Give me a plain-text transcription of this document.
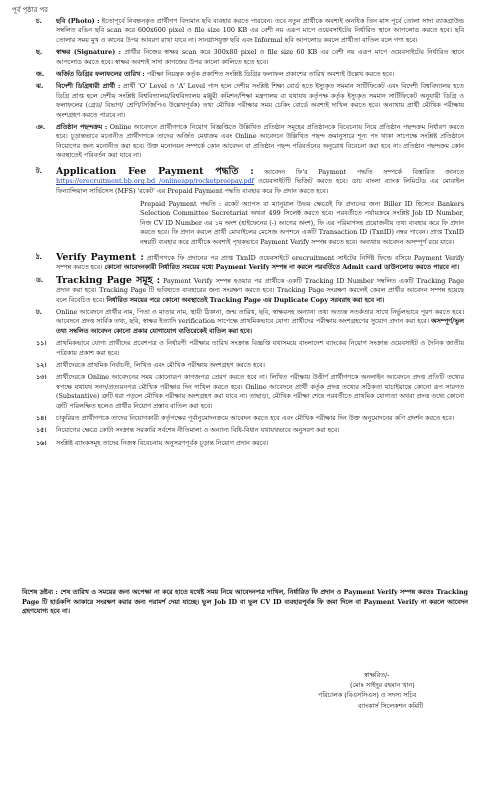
পূর্ব পৃষ্ঠার পর
চ.	ছবি (Photo) : ইতোপূর্বে নিবন্ধনকৃত প্রার্থীগণ বিদ্যমান ছবি ব্যবহার করতে পারবেন। তবে নতুন প্রার্থীকে অবশ্যই অনধিক তিন মাস পূর্বে তোলা সাদা ব্যাকগ্রাউন্ড সম্বলিত রঙিন ছবি scan করে 600x600 pixel ও file size 100 KB এর বেশী নয় এরূপ মাপে ওয়েবসাইটের নির্ধারিত স্থানে আপলোড করতে হবে। ছবি তোলার সময় মুখ ও কানের উপর আবরণ রাখা যাবে না। সানগ্লাসযুক্ত ছবি এবং Informal ছবি আপলোড করলে প্রার্থীতা বাতিল বলে গণ্য হবে।
ছ.	স্বাক্ষর (Signature) : প্রার্থীর নিজের স্বাক্ষর scan করে 300x80 pixel ও file size 60 KB এর বেশী নয় এরূপ মাপে ওয়েবসাইটের নির্ধারিত স্থানে আপলোড করতে হবে। স্বাক্ষর অবশ্যই সাদা কাগজের উপর কালো কালিতে হতে হবে।
জ.	অর্জিত ডিগ্রির ফলাফলের তারিখ : পরীক্ষা নিয়ন্ত্রক কর্তৃক প্রকাশিত সংশ্লিষ্ট ডিগ্রির ফলাফল প্রকাশের তারিখ অবশ্যই উল্লেখ করতে হবে।
ঝ.	বিদেশী ডিগ্রিধারী প্রার্থী : প্রার্থী 'O' Level ও 'A' Level পাস হলে দেশীয় সংশ্লিষ্ট শিক্ষা বোর্ড হতে ইস্যুকৃত সমমান সার্টিফিকেট এবং বিদেশী বিশ্ববিদ্যালয় হতে ডিগ্রি প্রাপ্ত হলে দেশীয় সংশ্লিষ্ট বিশ্ববিদ্যালয়/বিশ্ববিদ্যালয় মঞ্জুরী কমিশন/শিক্ষা মন্ত্রণালয় বা যথাযথ কর্তৃপক্ষ কর্তৃক ইস্যুকৃত সমমান সার্টিফিকেট অনুযায়ী ডিগ্রি ও ফলাফলের (গ্রেড/ বিভাগ/ শ্রেণি/সিজিপিএ উল্লেখপূর্বক) তথ্য মৌখিক পরীক্ষার সময় চেকিং বোর্ডে অবশ্যই দাখিল করতে হবে। অন্যথায় প্রার্থী মৌখিক পরীক্ষায় অংশগ্রহণ করতে পারবে না।
ঞ.	প্রতিষ্ঠান পছন্দক্রম : Online আবেদনে প্রার্থীগণকে নিয়োগ বিজ্ঞপ্তিতে উল্লিখিত প্রতিষ্ঠান সমূহের প্রতিষ্ঠানকে বিবেচনায় নিয়ে প্রতিষ্ঠান পছন্দক্রম নির্ধারণ করতে হবে। চূড়ান্তভাবে মনোনীত প্রার্থীগণকে তাদের অর্জিত মেধাক্রম এবং Online আবেদনে উল্লিখিত পছন্দ ক্রমানুসারে শূন্য পদ থাকা সাপেক্ষে সংশ্লিষ্ট প্রতিষ্ঠানে নিয়োগের জন্য মনোনীত করা হবে। উক্ত মনোনয়ন সম্পর্কে কোন আবেদন বা প্রতিষ্ঠান পছন্দ পরিবর্তনের অনুরোধ বিবেচনা করা হবে না। প্রতিষ্ঠান পছন্দক্রম কোন অবস্থাতেই পরিবর্তন করা যাবে না।
ট.	Application Fee Payment পদ্ধতি : আবেদন ফি'র Payment পদ্ধতি সম্পর্কে বিস্তারিত জানতে https://erecruitment.bb.org.bd /onlineapp/rocketpreepay.pdf ওয়েবসাইটটি ভিজিট করতে হবে। ডাচ বাংলা ব্যাংক লিমিটেড এর মোবাইল ফিন্যান্সিয়াল সার্ভিসেস (MFS) 'রকেট' এর Prepaid Payment পদ্ধতি ব্যবহার করে ফি প্রদান করতে হবে।
Prepaid Payment পদ্ধতি : রকেট অ্যাপস বা ম্যানুয়াল উভয় ক্ষেত্রেই ফি প্রদানের জন্য Biller ID হিসেবে Bankers Selection Committee Secretariat অথবা 499 সিলেক্ট করতে হবে। পরবর্তীতে পর্যায়ক্রমে সংশ্লিষ্ট Job ID Number, নিজ CV ID Number এর ১ম অংশ (হাইফেনের (-) আগের অংশ), ফি এর পরিমাণসহ প্রয়োজনীয় তথ্য ব্যবহার করে ফি প্রদান করতে হবে। ফি প্রদান করলে প্রার্থী মোবাইলের মেসেজ অপশনে একটি Transaction ID (TxnID) নম্বর পাবেন। প্রাপ্ত TxnID নম্বরটি ব্যবহার করে প্রার্থীকে অবশ্যই পৃথকভাবে Payment Verify সম্পন্ন করতে হবে। অন্যথায় আবেদন অসম্পূর্ণ রয়ে যাবে।
ঠ.	Verify Payment : প্রার্থীগণকে ফি প্রদানের পর প্রাপ্ত TxnID ওয়েবসাইটে erecruitment সাইটের নির্দিষ্ট ফিল্ডে বসিয়ে Payment Verify সম্পন্ন করতে হবে। কোনো আবেদনকারী নির্ধারিত সময়ের মধ্যে Payment Verify সম্পন্ন না করলে পরবর্তিতে Admit card ডাউনলোড করতে পারবে না।
ড.	Tracking Page সমূহ : Payment Verify সম্পন্ন হওয়ার পর প্রার্থীকে একটি Tracking ID Number সম্বলিত একটি Tracking Page প্রদান করা হবে। Tracking Page টি ভবিষ্যতে ব্যবহারের জন্য সংরক্ষণ করতে হবে। Tracking Page সংরক্ষণ করলেই কেবল প্রার্থীর আবেদন সম্পন্ন হয়েছে বলে বিবেচিত হবে। নির্ধারিত সময়ের পরে কোনো অবস্থাতেই Tracking Page এর Duplicate Copy সরবরাহ করা হবে না।
ঢ.	Online আবেদনে প্রার্থীর নাম, পিতা ও মাতার নাম, স্থায়ী ঠিকানা, জন্ম তারিখ, ছবি, স্বাক্ষরসহ অন্যান্য তথ্য অত্যন্ত সতর্কতার সাথে নির্ভুলভাবে পূরণ করতে হবে। আবেদনে প্রদত্ত সার্বিক তথ্য, ছবি, স্বাক্ষর ইত্যাদি verification সাপেক্ষে প্রাথমিকভাবে যোগ্য প্রার্থীদের পরীক্ষায় অংশগ্রহণের সুযোগ প্রদান করা হবে। অসম্পূর্ণ/ভুল তথ্য সম্বলিত আবেদন কোনো প্রকার যোগাযোগ ব্যতিরেকেই বাতিল করা হবে।
১১।	প্রাথমিকভাবে যোগ্য প্রার্থীদের প্রবেশপত্র ও নির্ধারণী পরীক্ষার তারিখ সংক্রান্ত বিজ্ঞপ্তি যথাসময়ে বাংলাদেশ ব্যাংকের নিয়োগ সংক্রান্ত ওয়েবসাইট ও দৈনিক জাতীয় পত্রিকায় প্রকাশ করা হবে।
১২।	প্রার্থীদেরকে প্রাথমিক নির্বাচনী, লিখিত এবং মৌখিক পরীক্ষায় অংশগ্রহণ করতে হবে।
১৩।	প্রার্থীদেরকে Online আবেদনের সময় কোনোরূপ কাগজপত্র প্রেরণ করতে হবে না। লিখিত পরীক্ষায় উত্তীর্ণ প্রার্থীগণকে অনলাইন আবেদনে প্রদত্ত প্রতিটি তথ্যের স্বপক্ষে যথাযথ সনদ/প্রত্যয়নপত্র মৌখিক পরীক্ষার দিন দাখিল করতে হবে। Online আবেদনে প্রার্থী কর্তৃক প্রদত্ত তথ্যের সঠিকতা যাচাইয়ান্তে কোনো রূপ সারগত (Substantive) ত্রুটি ধরা পড়লে মৌখিক পরীক্ষায় অংশগ্রহণ করা যাবে না। তাছাড়া, মৌখিক পরীক্ষা শেষে পরবর্তীতে প্রাথমিক যোগ্যতা অথবা প্রদত্ত তথ্যে কোনো ত্রুটি পরিলক্ষিত হলেও প্রার্থীর নিয়োগ প্রস্তাব বাতিল করা হবে।
১৪।	চাকুরিরত প্রার্থীগণকে তাদের নিয়োগকারী কর্তৃপক্ষের পূর্বানুমোদনক্রমে আবেদন করতে হবে এবং মৌখিক পরীক্ষার দিন উক্ত অনুমোদনের কপি প্রদর্শন করতে হবে।
১৫।	নিয়োগের ক্ষেত্রে কোটা সংক্রান্ত সরকারি সর্বশেষ নীতিমালা ও অন্যান্য বিধি-বিধান যথাযথভাবে অনুসরণ করা হবে।
১৬।	সংশ্লিষ্ট ব্যাংকসমূহ তাদের নিজস্ব বিবেচনায় অনুসরণপূর্বক চূড়ান্ত নিয়োগ প্রদান করবে।
বিশেষ দ্রষ্টব্য : শেষ তারিখ ও সময়ের জন্য অপেক্ষা না করে হাতে যথেষ্ট সময় নিয়ে আবেদনপত্র দাখিল, নির্ধারিত ফি প্রদান ও Payment Verify সম্পন্ন করতঃ Tracking Page টি হার্ডকপি আকারে সংরক্ষণ করার জন্য পরামর্শ দেয়া যাচ্ছে। ভুল Job ID বা ভুল CV ID ব্যবহারপূর্বক ফি জমা দিলে বা Payment Verify না করলে আবেদন গ্রহণযোগ্য হবে না।
স্বাক্ষরিত/-
(মোঃ সাইদুর রহমান খান)
পরিচালক (বিএসসিএস) ও সদস্য সচিব
ব্যাংকার্স সিলেকশন কমিটি
